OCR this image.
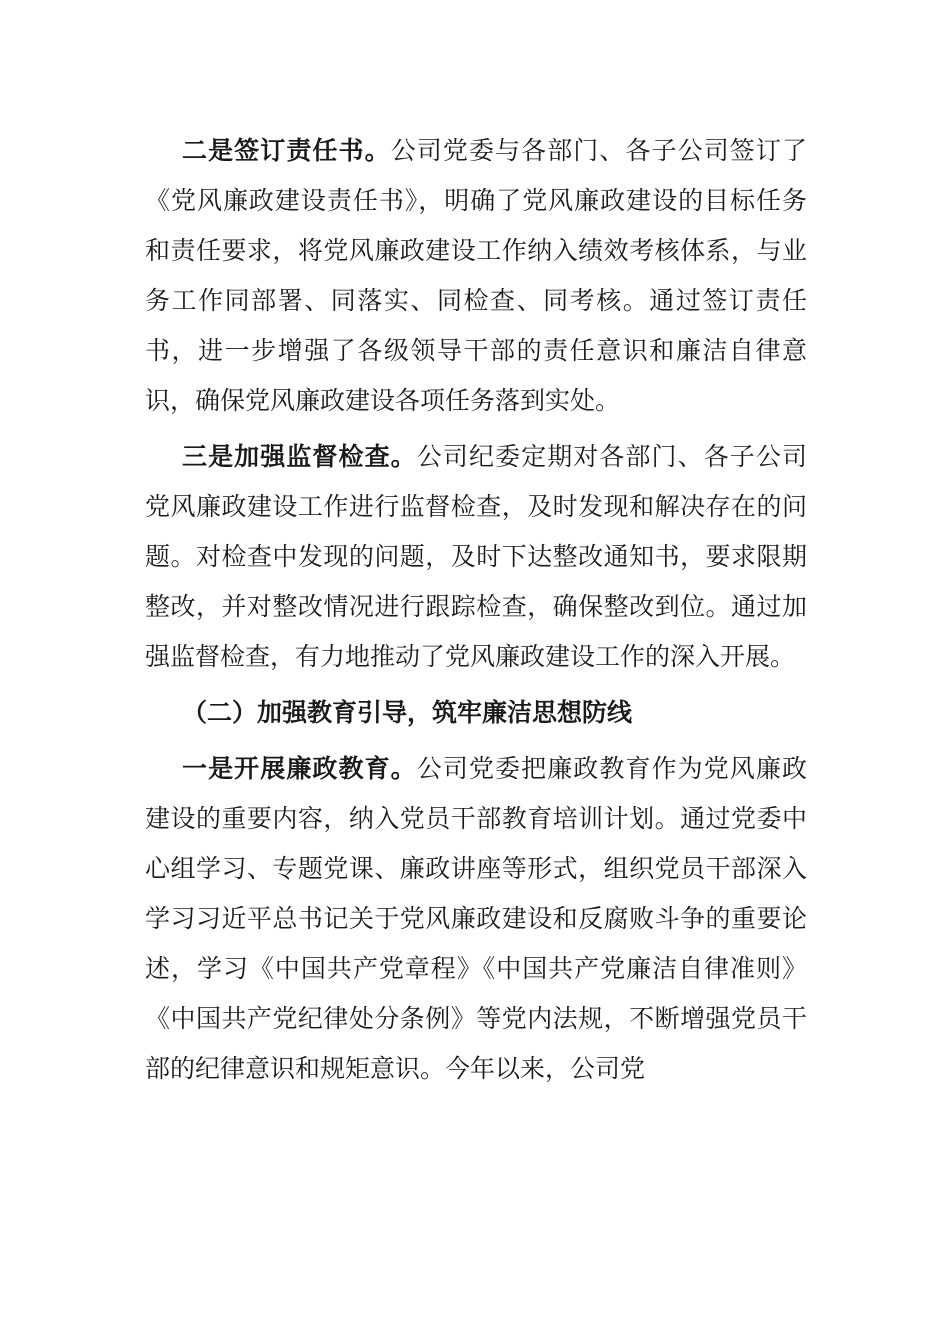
二是签订责任书。公司党委与各部门、各子公司签订了《党风廉政建设责任书》，明确了党风廉政建设的目标任务和责任要求，将党风廉政建设工作纳入绩效考核体系，与业务工作同部署、同落实、同检查、同考核。通过签订责任书，进一步增强了各级领导干部的责任意识和廉洁自律意识，确保党风廉政建设各项任务落到实处。

三是加强监督检查。公司纪委定期对各部门、各子公司党风廉政建设工作进行监督检查，及时发现和解决存在的问题。对检查中发现的问题，及时下达整改通知书，要求限期整改，并对整改情况进行跟踪检查，确保整改到位。通过加强监督检查，有力地推动了党风廉政建设工作的深入开展。

（二）加强教育引导，筑牢廉洁思想防线

一是开展廉政教育。公司党委把廉政教育作为党风廉政建设的重要内容，纳入党员干部教育培训计划。通过党委中心组学习、专题党课、廉政讲座等形式，组织党员干部深入学习习近平总书记关于党风廉政建设和反腐败斗争的重要论述，学习《中国共产党章程》《中国共产党廉洁自律准则》《中国共产党纪律处分条例》等党内法规，不断增强党员干部的纪律意识和规矩意识。今年以来，公司党
